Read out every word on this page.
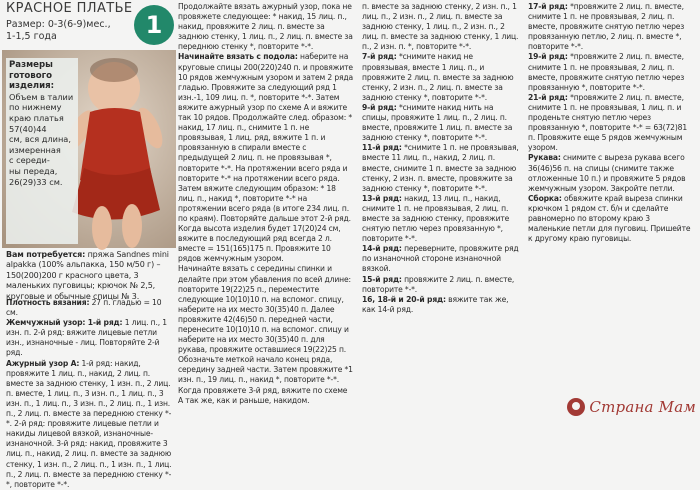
КРАСНОЕ ПЛАТЬЕ
Размер: 0-3(6-9)мес.,
1-1,5 года	1
Размеры готового изделия:
Объем в талии
по нижнему
краю платья
57(40)44
см, вся длина,
измеренная
с середи-
ны переда,
26(29)33 см.

Вам потребуется: пряжа Sandnes mini alpakka (100% альпакка, 150 м/50 г) – 150(200)200 г красного цвета, 3 маленьких пуговицы; крючок № 2,5, круговые и обычные спицы № 3.

Плотность вязания: 27 п. гладью = 10 см.

Жемчужный узор: 1-й ряд: 1 лиц. п., 1 изн. п. 2-й ряд: вяжите лицевые петли изн., изнаночные - лиц. Повторяйте 2-й ряд.

Ажурный узор А: 1-й ряд: накид, провяжите 1 лиц. п., накид, 2 лиц. п. вместе за заднюю стенку, 1 изн. п., 2 лиц. п. вместе, 1 лиц. п., 3 изн. п., 1 лиц. п., 3 изн. п., 1 лиц. п., 3 изн. п., 2 лиц. п., 1 изн. п., 2 лиц. п. вместе за переднюю стенку *-*. 2-й ряд: провяжите лицевые петли и накиды лицевой вязкой, изнаночные-изнаночной. 3-й ряд: накид, провяжите 3 лиц. п., накид, 2 лиц. п. вместе за заднюю стенку, 1 изн. п., 2 лиц. п., 1 изн. п., 1 лиц. п., 2 лиц. п. вместе за переднюю стенку *-*, повторите *-*.

Продолжайте вязать ажурный узор, пока не провяжете следующее: * накид, 15 лиц. п., накид, провяжите 2 лиц. п. вместе за заднюю стенку, 1 лиц. п., 2 лиц. п. вместе за переднюю стенку *, повторите *-*.

Начинайте вязать с подола: наберите на круговые спицы 200(220)240 п. и провяжите 10 рядов жемчужным узором и затем 2 ряда гладью. Провяжите за следующий ряд 1 изн.-1, 109 лиц. п. *, повторите *-*. Затем вяжите ажурный узор по схеме А и вяжите так 10 рядов. Продолжайте след. образом: * накид, 17 лиц. п., снимите 1 п. не провязывая, 1 лиц. ряд, вяжите 1 п. и провязанную в спирали вместе с предыдущей 2 лиц. п. не провязывая *, повторите *-*. На протяжении всего ряда и повторите *-* на протяжении всего ряда. Затем вяжите следующим образом: * 18 лиц. п., накид *, повторите *-* на протяжении всего ряда (в итоге 234 лиц. п. по краям). Повторяйте дальше этот 2-й ряд. Когда высота изделия будет 17(20)24 см, вяжите в последующий ряд всегда 2 л. вместе = 151(165)175 п. Провяжите 10 рядов жемчужным узором.

Начинайте вязать с середины спинки и делайте при этом убавления по всей длине: повторите 19(22)25 п., переместите следующие 10(10)10 п. на вспомог. спицу, наберите на их место 30(35)40 п. Далее провяжите 42(46)50 п. передней части, перенесите 10(10)10 п. на вспомог. спицу и наберите на их место 30(35)40 п. для рукава, провяжите оставшиеся 19(22)25 п. Обозначьте меткой начало конец ряда, середину задней части. Затем провяжите *1 изн. п., 19 лиц. п., накид *, повторите *-*. Когда провяжете 3-й ряд, вяжите по схеме А так же, как и раньше, накидом.

п. вместе за заднюю стенку, 2 изн. п., 1 лиц. п., 2 изн. п., 2 лиц. п. вместе за заднюю стенку, 1 лиц. п., 2 изн. п., 2 лиц. п. вместе за заднюю стенку, 1 лиц. п., 2 изн. п. *, повторите *-*.

7-й ряд: *снимите накид не провязывая, вместе 1 лиц. п., и провяжите 2 лиц. п. вместе за заднюю стенку, 2 изн. п., 2 лиц. п. вместе за заднюю стенку *, повторите *-*.

9-й ряд: *снимите накид нить на спицы, провяжите 1 лиц. п., 2 лиц. п. вместе, провяжите 1 лиц. п. вместе за заднюю стенку *, повторите *-*.

11-й ряд: *снимите 1 п. не провязывая, вместе 11 лиц. п., накид, 2 лиц. п. вместе, снимите 1 п. вместе за заднюю стенку, 2 изн. п. вместе, провяжите за заднюю стенку *, повторите *-*.

13-й ряд: накид, 13 лиц. п., накид, снимите 1 п. не провязывая, 2 лиц. п. вместе за заднюю стенку, провяжите снятую петлю через провязанную *, повторите *-*.

14-й ряд: переверните, провяжите ряд по изнаночной стороне изнаночной вязкой.

15-й ряд: провяжите 2 лиц. п. вместе, повторите *-*.

16, 18-й и 20-й ряд: вяжите так же, как 14-й ряд.

17-й ряд: *провяжите 2 лиц. п. вместе, снимите 1 п. не провязывая, 2 лиц. п. вместе, провяжите снятую петлю через провязанную петлю, 2 лиц. п. вместе *, повторите *-*.

19-й ряд: *провяжите 2 лиц. п. вместе, снимите 1 п. не провязывая, 2 лиц. п. вместе, провяжите снятую петлю через провязанную *, повторите *-*.

21-й ряд: *провяжите 2 лиц. п. вместе, снимите 1 п. не провязывая, 1 лиц. п. и проденьте снятую петлю через провязанную *, повторите *-* = 63(72)81 п. Провяжите еще 5 рядов жемчужным узором.

Рукава: снимите с выреза рукава всего 36(46)56 п. на спицы (снимите также отложенные 10 п.) и провяжите 5 рядов жемчужным узором. Закройте петли.

Сборка: обвяжите край выреза спинки крючком 1 рядом ст. б/н и сделайте равномерно по второму краю 3 маленькие петли для пуговиц. Пришейте к другому краю пуговицы.

Страна Мам
